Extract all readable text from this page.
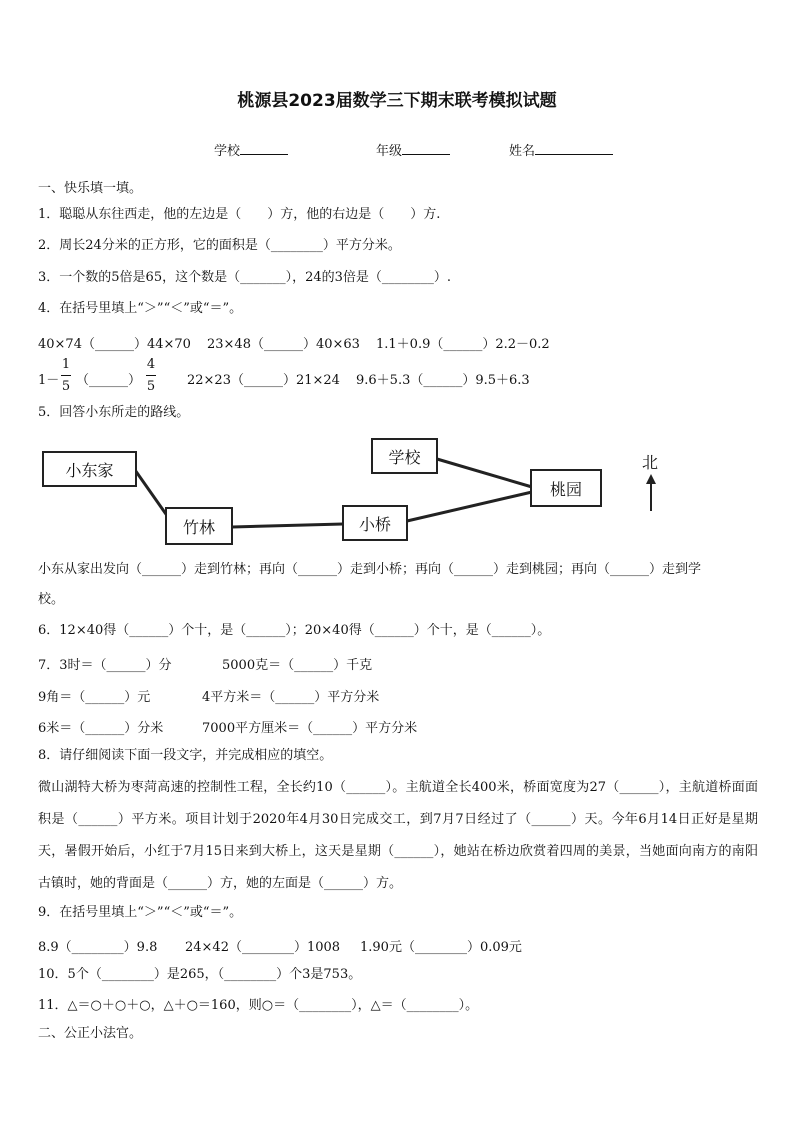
桃源县2023届数学三下期末联考模拟试题
学校	年级	姓名
一、快乐填一填。
1．聪聪从东往西走，他的左边是（　　）方，他的右边是（　　）方.
2．周长24分米的正方形，它的面积是（________）平方分米。
3．一个数的5倍是65，这个数是（_______），24的3倍是（________）.
4．在括号里填上“＞”“＜”或“＝”。
40×74（______）44×70 23×48（______）40×63 1.1＋0.9（______）2.2－0.2
1－
1
5 （______）
4
5 22×23（______）21×24 9.6＋5.3（______）9.5＋6.3
5．回答小东所走的路线。
小东家
竹林	小桥
学校
桃园
北
小东从家出发向（______）走到竹林；再向（______）走到小桥；再向（______）走到桃园；再向（______）走到学
校。
6．12×40得（______）个十，是（______）；20×40得（______）个十，是（______）。
7．3时＝（______）分	5000克＝（______）千克
9角＝（______）元	4平方米＝（______）平方分米
6米＝（______）分米	7000平方厘米＝（______）平方分米
8．请仔细阅读下面一段文字，并完成相应的填空。
微山湖特大桥为枣菏高速的控制性工程，全长约10（______）。主航道全长400米，桥面宽度为27（______），主航道桥面面积是（______）平方米。项目计划于2020年4月30日完成交工，到7月7日经过了（______）天。今年6月14日正好是星期天，暑假开始后，小红于7月15日来到大桥上，这天是星期（______），她站在桥边欣赏着四周的美景，当她面向南方的南阳古镇时，她的背面是（______）方，她的左面是（______）方。
9．在括号里填上“＞”“＜”或“＝”。
8.9（________）9.8 24×42（________）1008 1.90元（________）0.09元
10．5个（________）是265，（________）个3是753。
11．△＝○＋○＋○，△＋○＝160，则○＝（________），△＝（________）。
二、公正小法官。
